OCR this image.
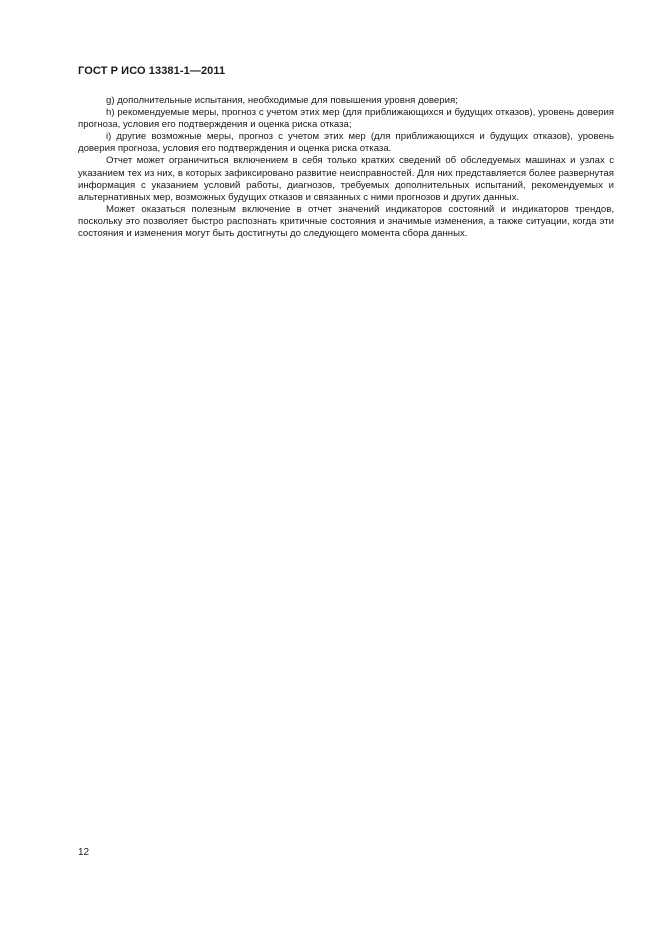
ГОСТ Р ИСО 13381-1—2011

g) дополнительные испытания, необходимые для повышения уровня доверия;

h) рекомендуемые меры, прогноз с учетом этих мер (для приближающихся и будущих отказов), уровень доверия прогноза, условия его подтверждения и оценка риска отказа;

i) другие возможные меры, прогноз с учетом этих мер (для приближающихся и будущих отказов), уровень доверия прогноза, условия его подтверждения и оценка риска отказа.

Отчет может ограничиться включением в себя только кратких сведений об обследуемых машинах и узлах с указанием тех из них, в которых зафиксировано развитие неисправностей. Для них представляется более развернутая информация с указанием условий работы, диагнозов, требуемых дополнительных испытаний, рекомендуемых и альтернативных мер, возможных будущих отказов и связанных с ними прогнозов и других данных.

Может оказаться полезным включение в отчет значений индикаторов состояний и индикаторов трендов, поскольку это позволяет быстро распознать критичные состояния и значимые изменения, а также ситуации, когда эти состояния и изменения могут быть достигнуты до следующего момента сбора данных.

12
